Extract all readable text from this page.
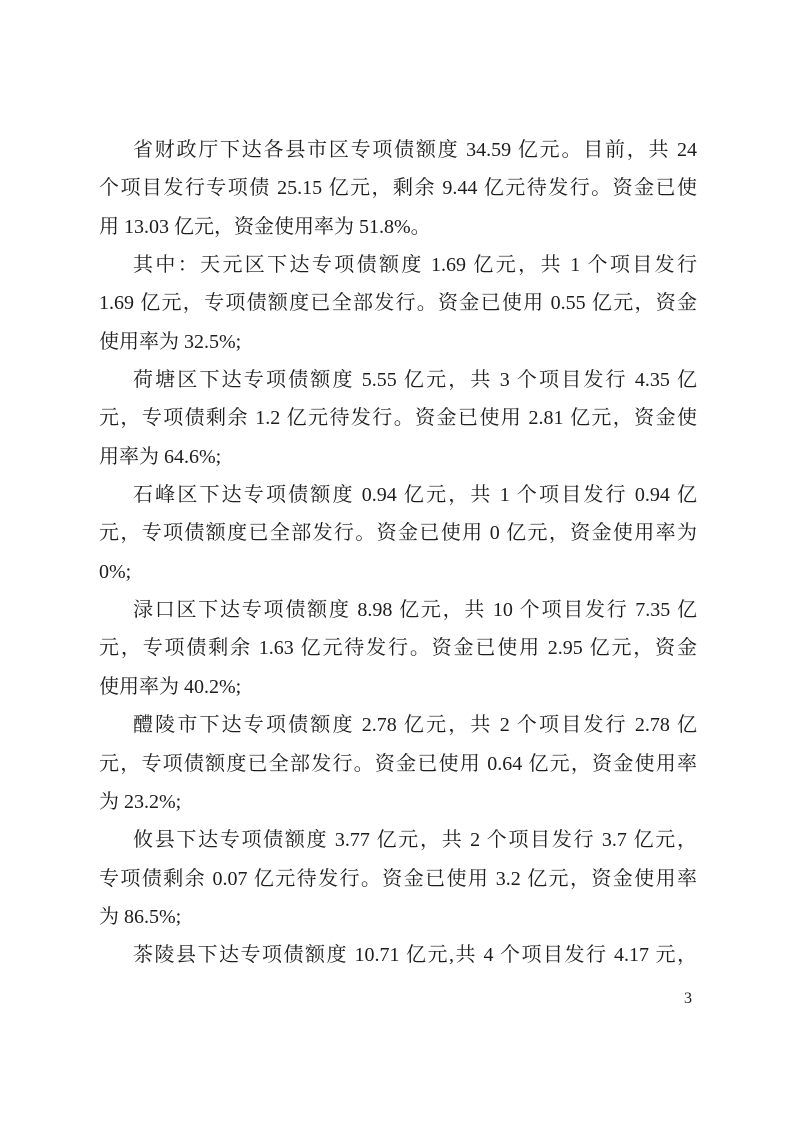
省财政厅下达各县市区专项债额度 34.59 亿元。目前，共 24
个项目发行专项债 25.15 亿元，剩余 9.44 亿元待发行。资金已使
用 13.03 亿元，资金使用率为 51.8%。
其中：天元区下达专项债额度 1.69 亿元，共 1 个项目发行
1.69 亿元，专项债额度已全部发行。资金已使用 0.55 亿元，资金
使用率为 32.5%;
荷塘区下达专项债额度 5.55 亿元，共 3 个项目发行 4.35 亿
元，专项债剩余 1.2 亿元待发行。资金已使用 2.81 亿元，资金使
用率为 64.6%;
石峰区下达专项债额度 0.94 亿元，共 1 个项目发行 0.94 亿
元，专项债额度已全部发行。资金已使用 0 亿元，资金使用率为
0%;
渌口区下达专项债额度 8.98 亿元，共 10 个项目发行 7.35 亿
元，专项债剩余 1.63 亿元待发行。资金已使用 2.95 亿元，资金
使用率为 40.2%;
醴陵市下达专项债额度 2.78 亿元，共 2 个项目发行 2.78 亿
元，专项债额度已全部发行。资金已使用 0.64 亿元，资金使用率
为 23.2%;
攸县下达专项债额度 3.77 亿元，共 2 个项目发行 3.7 亿元，
专项债剩余 0.07 亿元待发行。资金已使用 3.2 亿元，资金使用率
为 86.5%;
茶陵县下达专项债额度 10.71 亿元,共 4 个项目发行 4.17 元，
3
